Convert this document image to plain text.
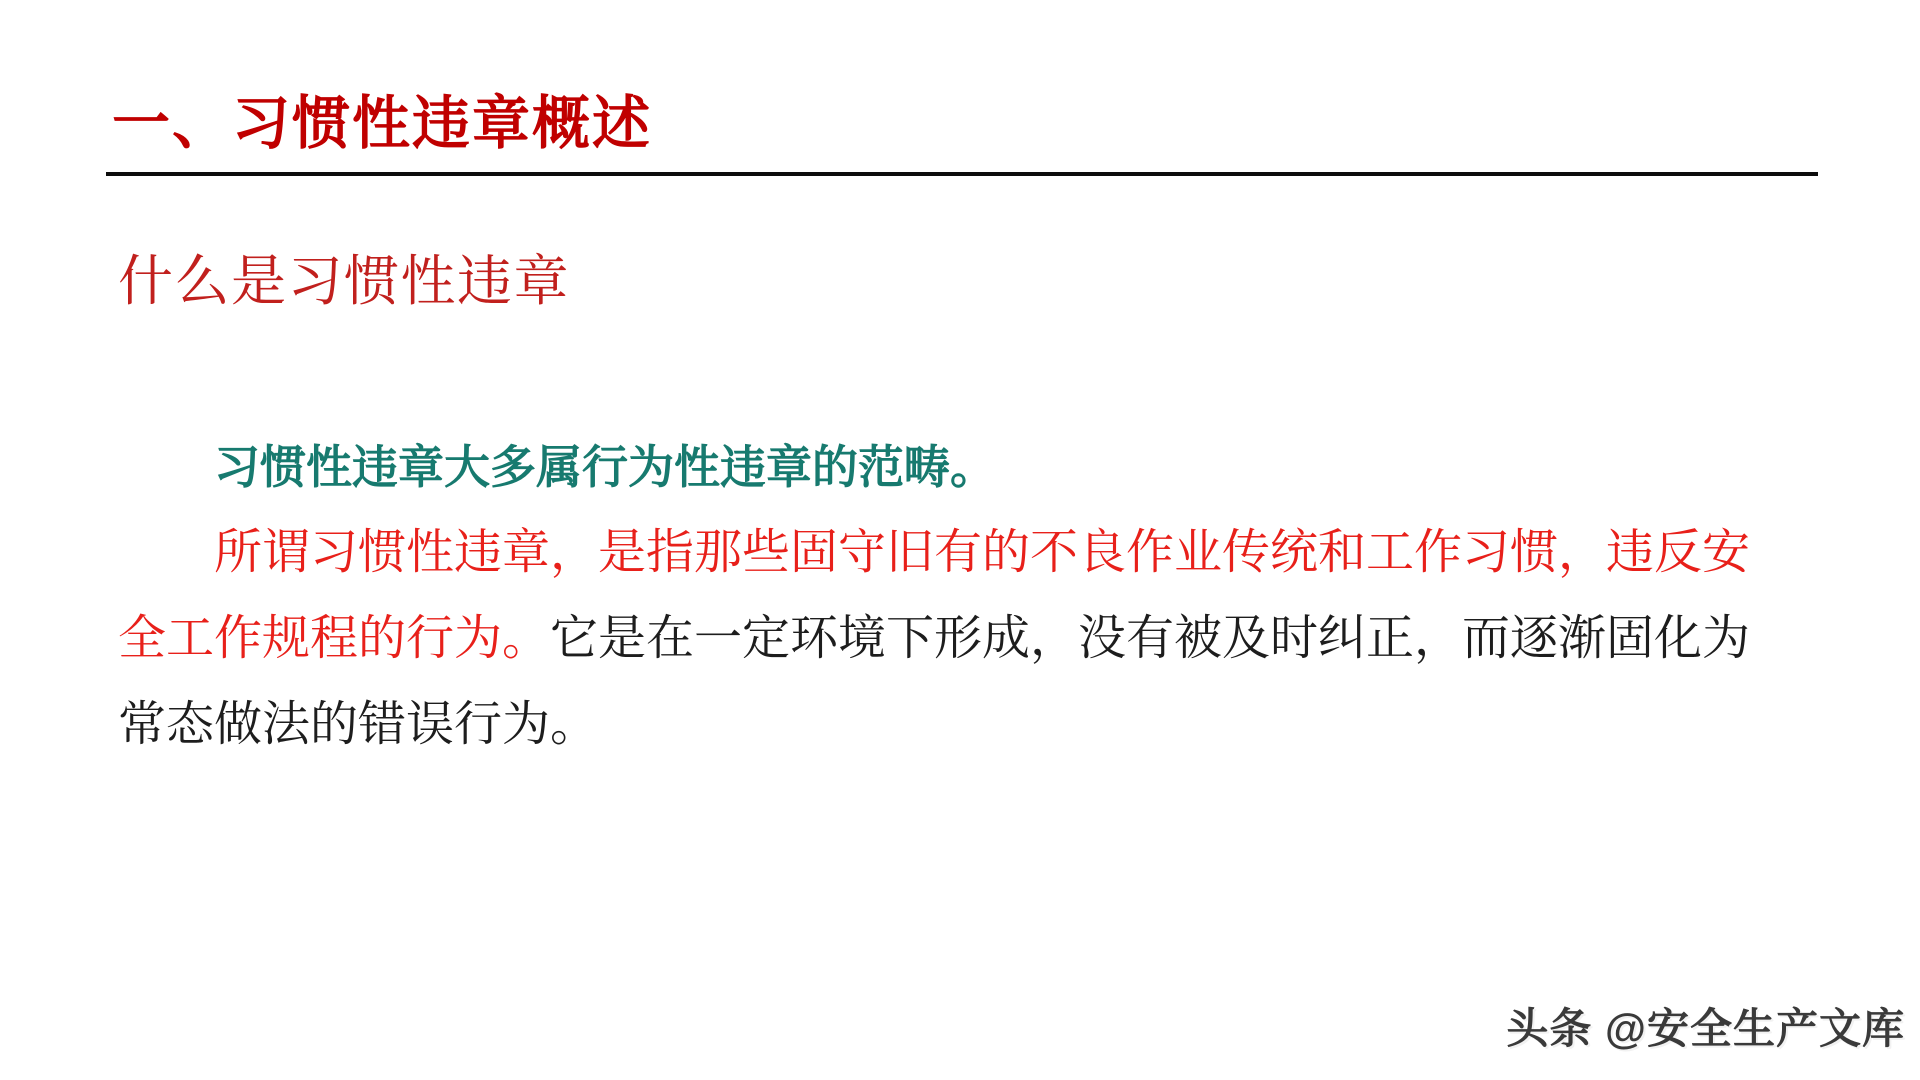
一、习惯性违章概述
什么是习惯性违章
习惯性违章大多属行为性违章的范畴。
所谓习惯性违章，是指那些固守旧有的不良作业传统和工作习惯，违反安
全工作规程的行为。它是在一定环境下形成，没有被及时纠正，而逐渐固化为
常态做法的错误行为。
头条 @安全生产文库
